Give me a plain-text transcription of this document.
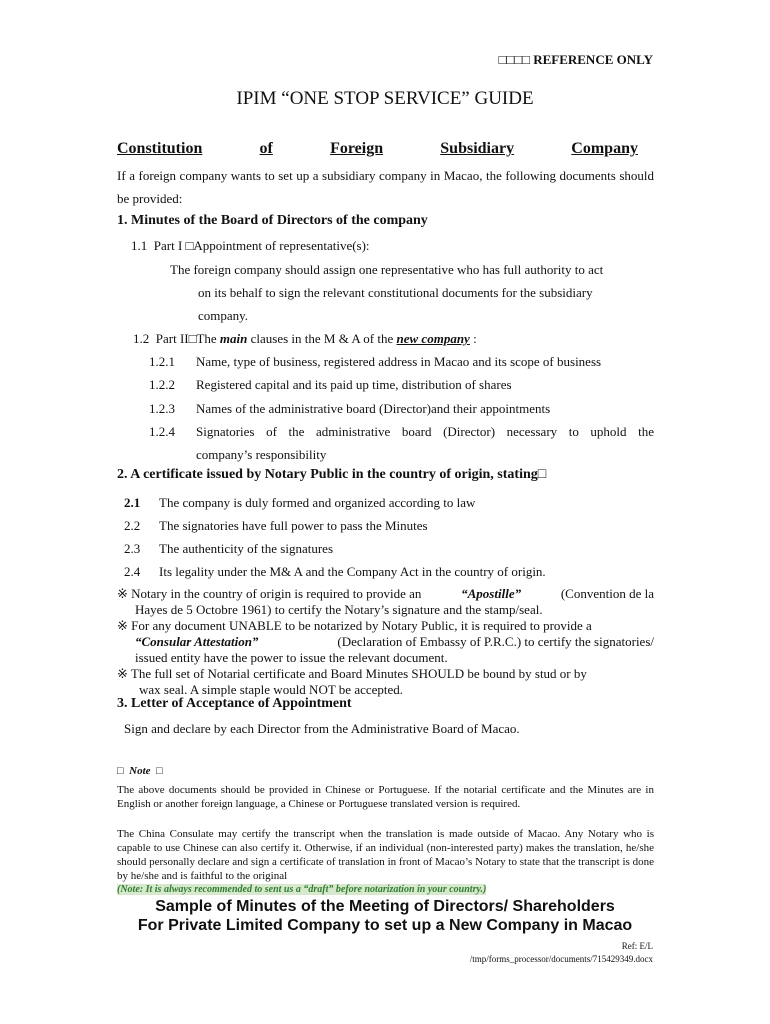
□□□□ REFERENCE ONLY
IPIM “ONE STOP SERVICE” GUIDE
Constitution	of	Foreign	Subsidiary	Company
If a foreign company wants to set up a subsidiary company in Macao, the following documents should be provided:
1. Minutes of the Board of Directors of the company
1.1 Part I □Appointment of representative(s):
The foreign company should assign one representative who has full authority to act
on its behalf to sign the relevant constitutional documents for the subsidiary
company.
1.2 Part II□The main clauses in the M & A of the new company :
1.2.1 Name, type of business, registered address in Macao and its scope of business
1.2.2 Registered capital and its paid up time, distribution of shares
1.2.3 Names of the administrative board (Director)and their appointments
1.2.4	Signatories of the administrative board (Director) necessary to uphold the
company’s responsibility
2. A certificate issued by Notary Public in the country of origin, stating□
2.1 The company is duly formed and organized according to law
2.2 The signatories have full power to pass the Minutes
2.3 The authenticity of the signatures
2.4 Its legality under the M& A and the Company Act in the country of origin.
※ Notary in the country of origin is required to provide an	“Apostille”	(Convention de la
Hayes de 5 Octobre 1961) to certify the Notary’s signature and the stamp/seal.
※ For any document UNABLE to be notarized by Notary Public, it is required to provide a
“Consular Attestation”	(Declaration of Embassy of P.R.C.) to certify the signatories/
issued entity have the power to issue the relevant document.
※ The full set of Notarial certificate and Board Minutes SHOULD be bound by stud or by
wax seal. A simple staple would NOT be accepted.
3. Letter of Acceptance of Appointment
Sign and declare by each Director from the Administrative Board of Macao.
□ Note □
The above documents should be provided in Chinese or Portuguese. If the notarial certificate and the Minutes are in English or another foreign language, a Chinese or Portuguese translated version is required.
The China Consulate may certify the transcript when the translation is made outside of Macao. Any Notary who is capable to use Chinese can also certify it. Otherwise, if an individual (non-interested party) makes the translation, he/she should personally declare and sign a certificate of translation in front of Macao’s Notary to state that the transcript is done by he/she and is faithful to the original
(Note: It is always recommended to sent us a “draft” before notarization in your country.)
Sample of Minutes of the Meeting of Directors/ Shareholders
For Private Limited Company to set up a New Company in Macao
Ref: E/L
/tmp/forms_processor/documents/715429349.docx
